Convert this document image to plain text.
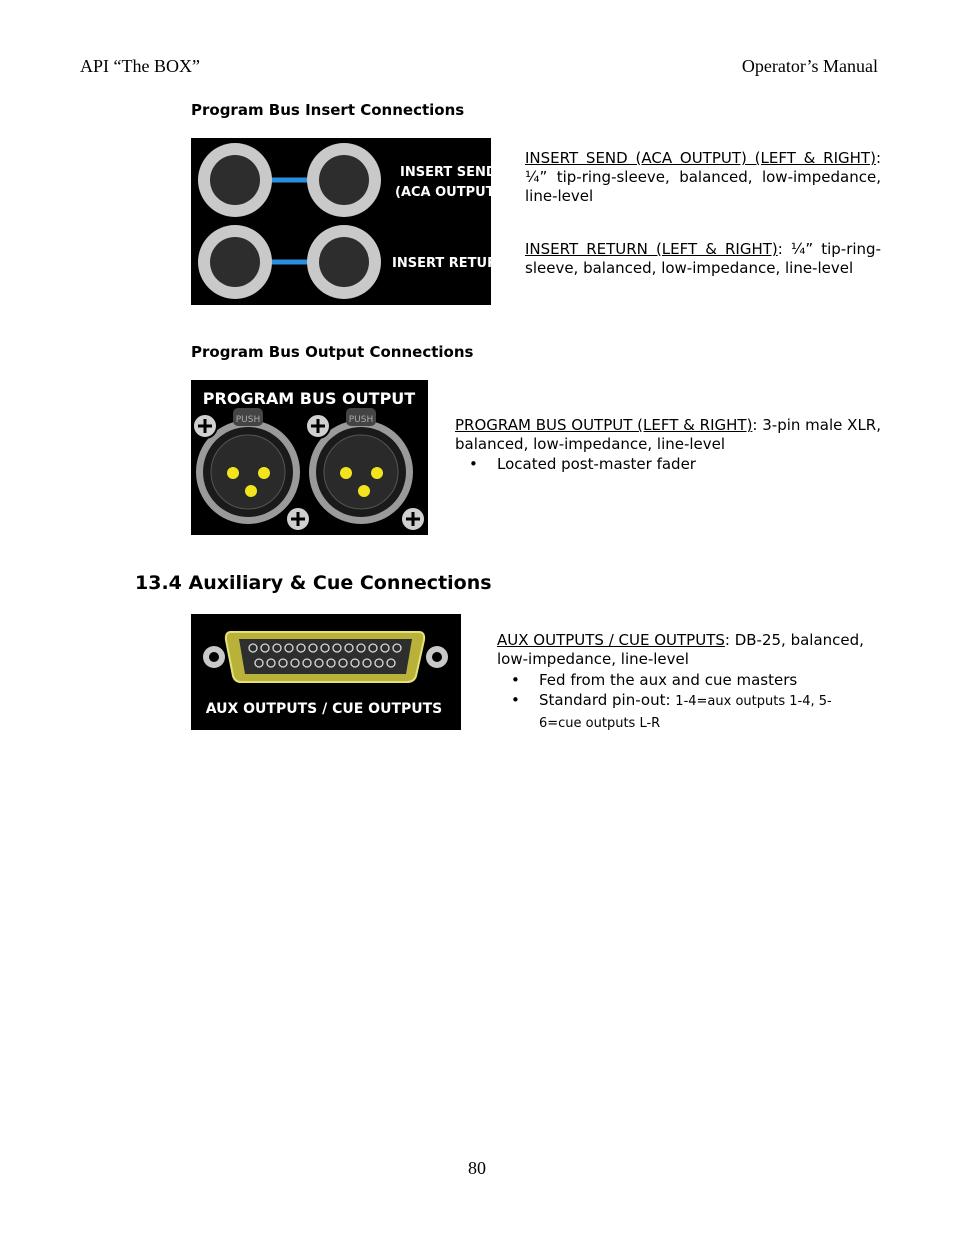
API “The BOX”	Operator’s Manual
Program Bus Insert Connections
INSERT SEND
(ACA OUTPUT)
INSERT RETURN
INSERT SEND (ACA OUTPUT) (LEFT & RIGHT): ¼” tip-ring-sleeve, balanced, low-impedance, line-level
INSERT RETURN (LEFT & RIGHT): ¼” tip-ring-sleeve, balanced, low-impedance, line-level
Program Bus Output Connections
PROGRAM BUS OUTPUT
PUSH	PUSH	PROGRAM BUS OUTPUT (LEFT & RIGHT): 3-pin male XLR, balanced, low-impedance, line-level
• Located post-master fader
13.4 Auxiliary & Cue Connections
AUX OUTPUTS / CUE OUTPUTS
AUX OUTPUTS / CUE OUTPUTS: DB-25, balanced, low-impedance, line-level
• Fed from the aux and cue masters
• Standard pin-out: 1-4=aux outputs 1-4, 5-6=cue outputs L-R
80
